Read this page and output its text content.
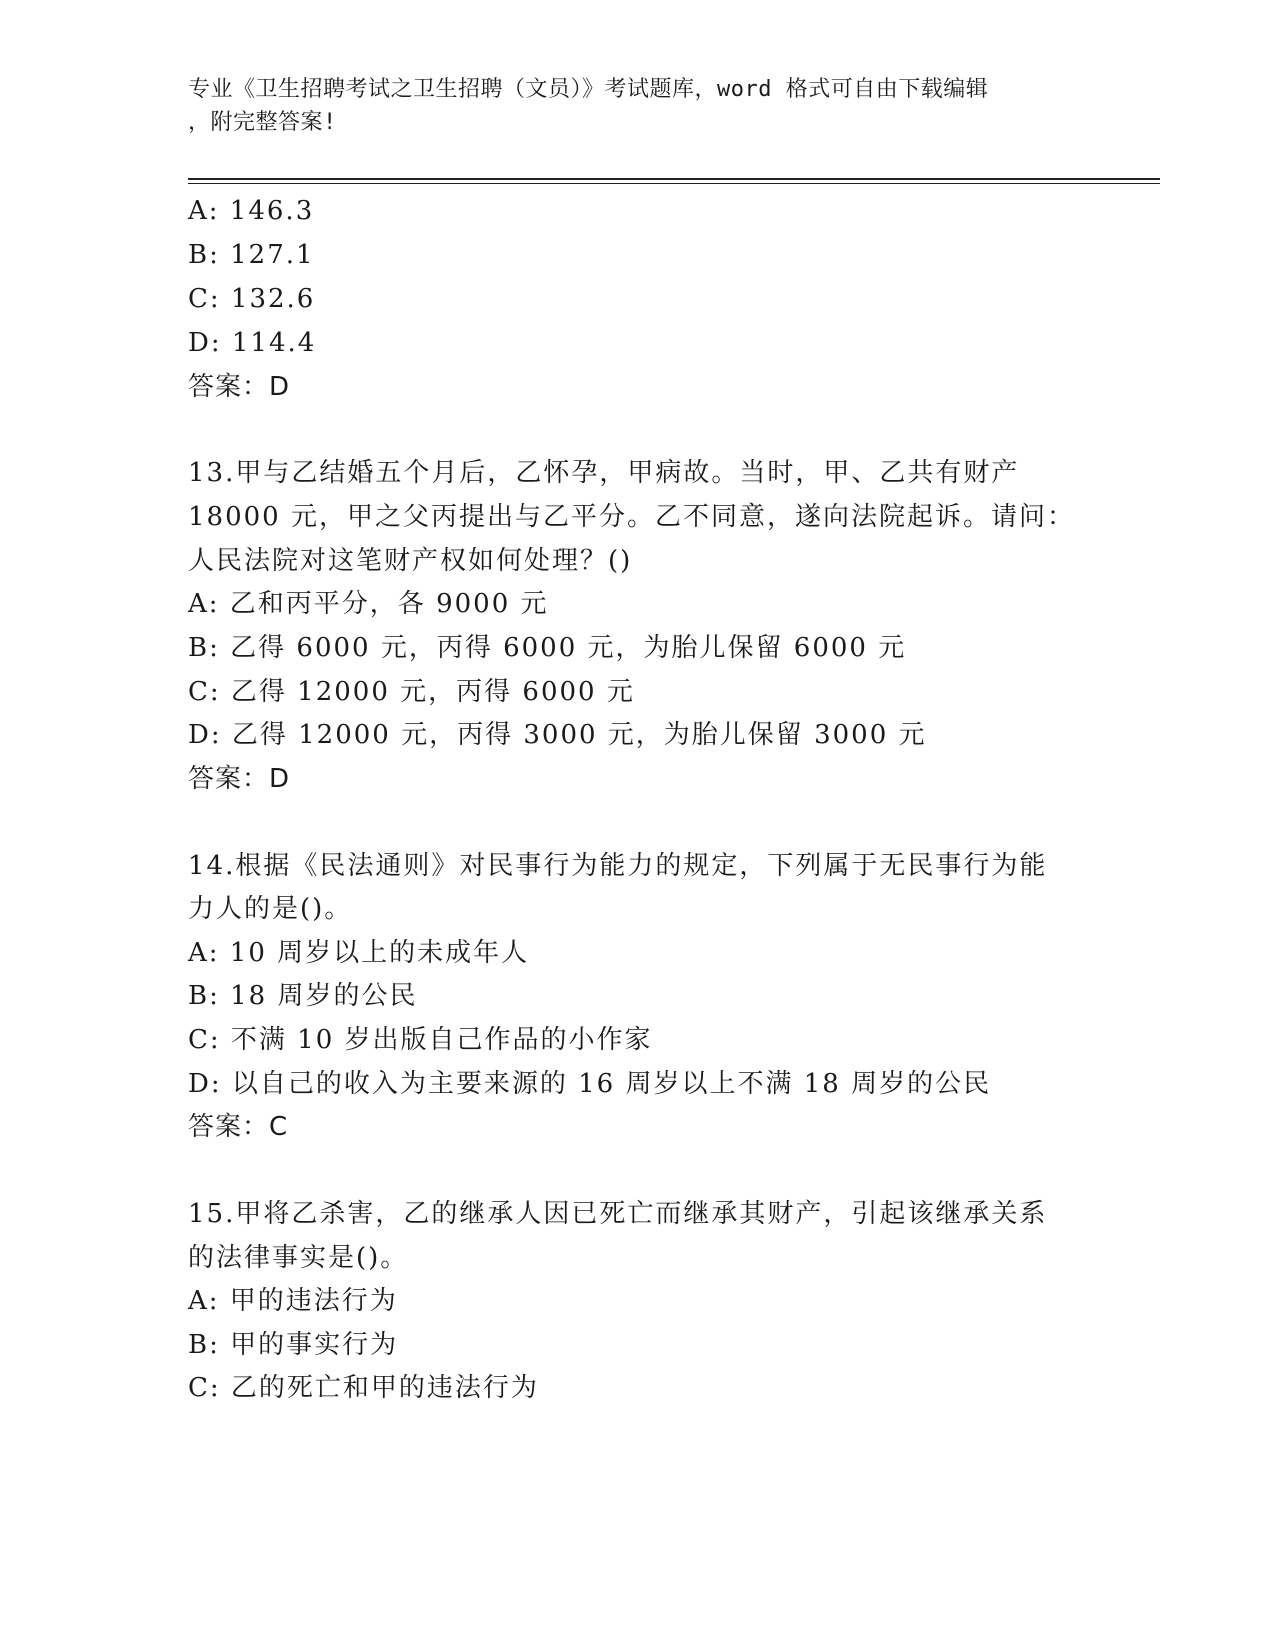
专业《卫生招聘考试之卫生招聘（文员）》考试题库，word 格式可自由下载编辑
，附完整答案!
A: 146.3
B: 127.1
C: 132.6
D: 114.4
答案：D
13.甲与乙结婚五个月后，乙怀孕，甲病故。当时，甲、乙共有财产
18000 元，甲之父丙提出与乙平分。乙不同意，遂向法院起诉。请问：
人民法院对这笔财产权如何处理？()
A: 乙和丙平分，各 9000 元
B: 乙得 6000 元，丙得 6000 元，为胎儿保留 6000 元
C: 乙得 12000 元，丙得 6000 元
D: 乙得 12000 元，丙得 3000 元，为胎儿保留 3000 元
答案：D
14.根据《民法通则》对民事行为能力的规定，下列属于无民事行为能
力人的是()。
A: 10 周岁以上的未成年人
B: 18 周岁的公民
C: 不满 10 岁出版自己作品的小作家
D: 以自己的收入为主要来源的 16 周岁以上不满 18 周岁的公民
答案：C
15.甲将乙杀害，乙的继承人因已死亡而继承其财产，引起该继承关系
的法律事实是()。
A: 甲的违法行为
B: 甲的事实行为
C: 乙的死亡和甲的违法行为
